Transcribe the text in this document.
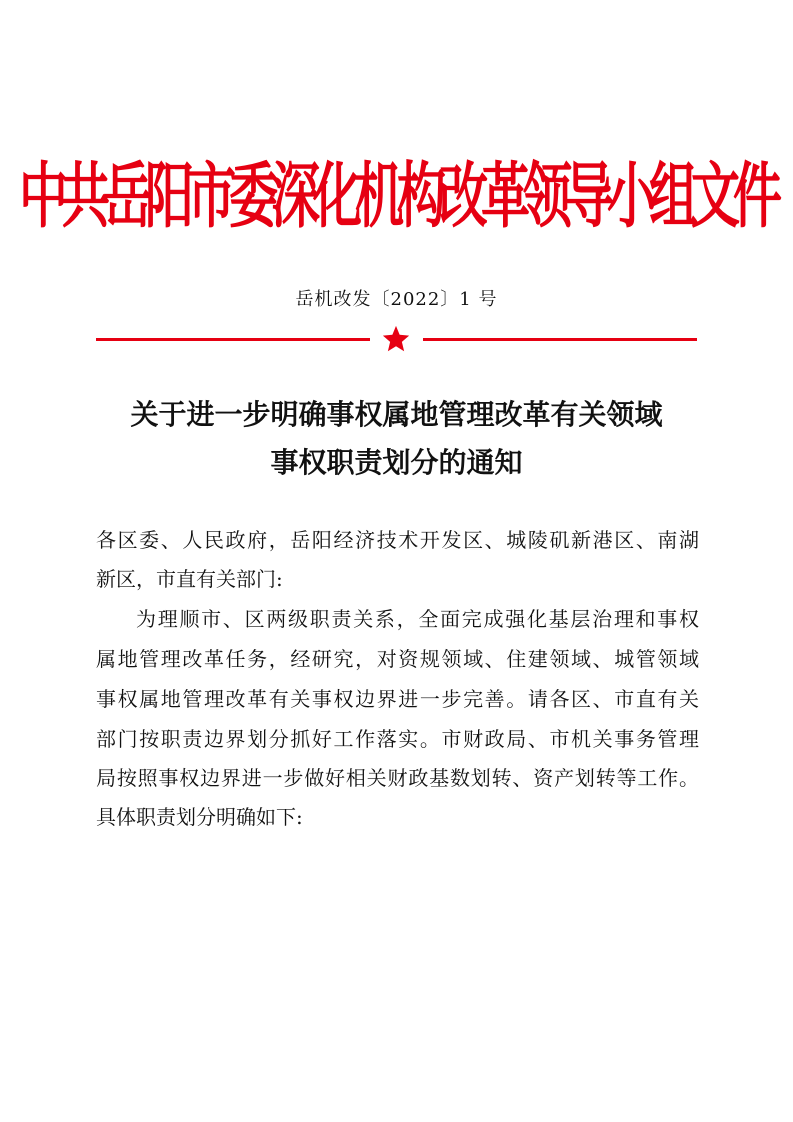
中共岳阳市委深化机构改革领导小组文件
岳机改发〔2022〕1 号
关于进一步明确事权属地管理改革有关领域
事权职责划分的通知
各区委、人民政府，岳阳经济技术开发区、城陵矶新港区、南湖
新区，市直有关部门:
为理顺市、区两级职责关系，全面完成强化基层治理和事权
属地管理改革任务，经研究，对资规领域、住建领域、城管领域
事权属地管理改革有关事权边界进一步完善。请各区、市直有关
部门按职责边界划分抓好工作落实。市财政局、市机关事务管理
局按照事权边界进一步做好相关财政基数划转、资产划转等工作。
具体职责划分明确如下:
